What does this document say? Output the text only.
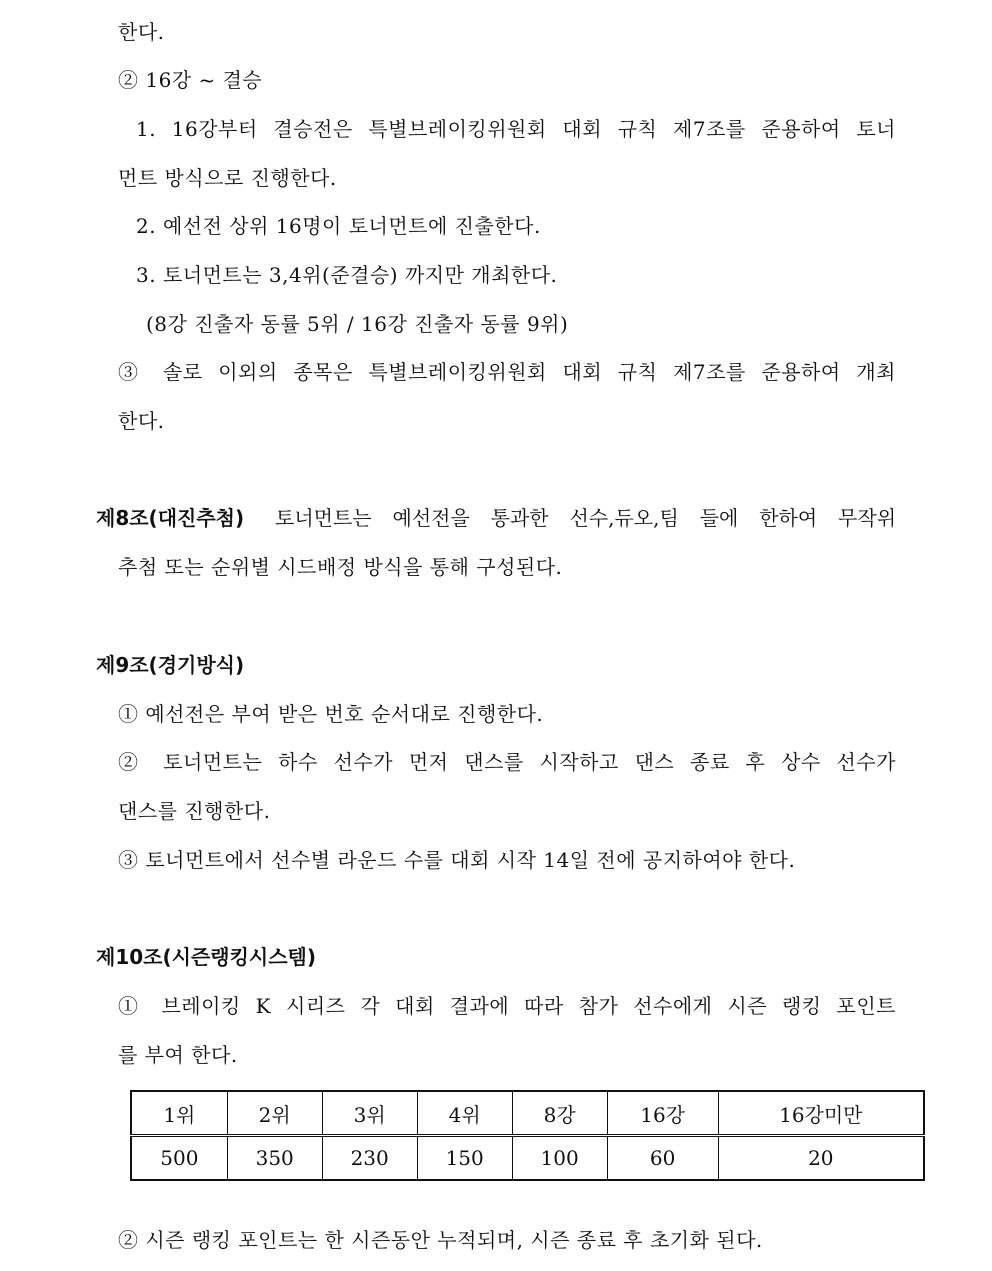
한다.
② 16강 ~ 결승
1. 16강부터 결승전은 특별브레이킹위원회 대회 규칙 제7조를 준용하여 토너
먼트 방식으로 진행한다.
2. 예선전 상위 16명이 토너먼트에 진출한다.
3. 토너먼트는 3,4위(준결승) 까지만 개최한다.
(8강 진출자 동률 5위 / 16강 진출자 동률 9위)
③ 솔로 이외의 종목은 특별브레이킹위원회 대회 규칙 제7조를 준용하여 개최
한다.
제8조(대진추첨) 토너먼트는 예선전을 통과한 선수,듀오,팀 들에 한하여 무작위
추첨 또는 순위별 시드배정 방식을 통해 구성된다.
제9조(경기방식)
① 예선전은 부여 받은 번호 순서대로 진행한다.
② 토너먼트는 하수 선수가 먼저 댄스를 시작하고 댄스 종료 후 상수 선수가
댄스를 진행한다.
③ 토너먼트에서 선수별 라운드 수를 대회 시작 14일 전에 공지하여야 한다.
제10조(시즌랭킹시스템)
① 브레이킹 K 시리즈 각 대회 결과에 따라 참가 선수에게 시즌 랭킹 포인트
를 부여 한다.
1위	2위	3위	4위	8강	16강	16강미만
500	350	230	150	100	60	20
② 시즌 랭킹 포인트는 한 시즌동안 누적되며, 시즌 종료 후 초기화 된다.
